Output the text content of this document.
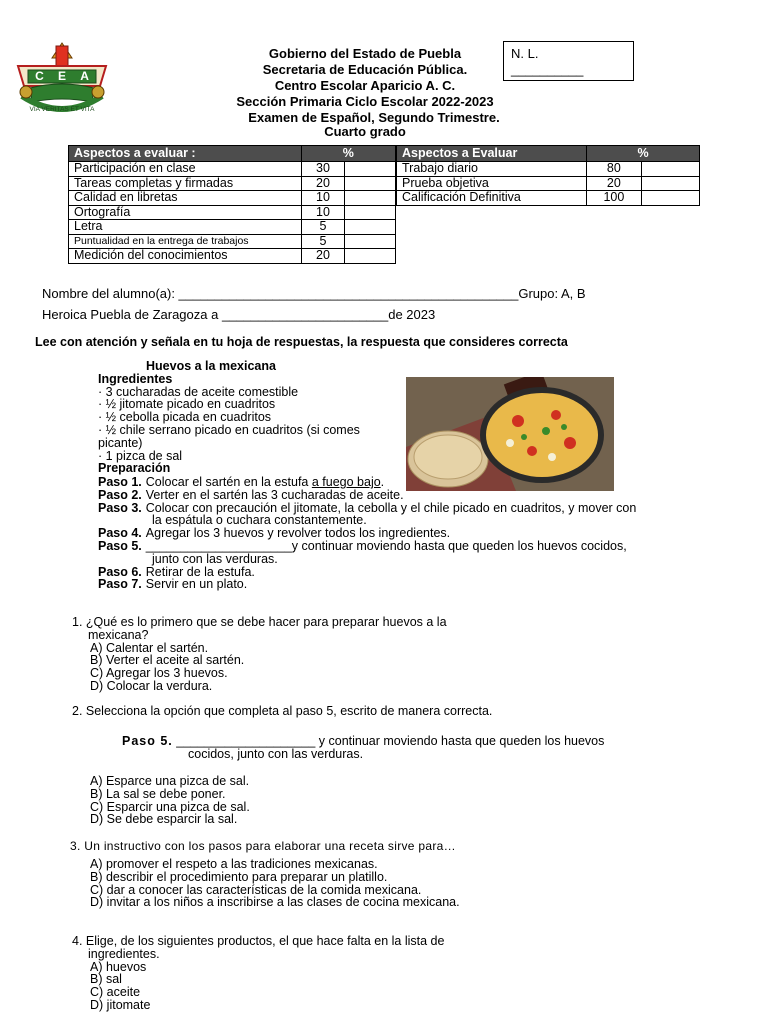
C E A
VIA VERITAS ET VITA
Gobierno del Estado de Puebla
Secretaria de Educación Pública.
Centro Escolar Aparicio A. C.
Sección Primaria Ciclo Escolar 2022-2023
Examen de Español, Segundo Trimestre.
Cuarto grado
N. L.
__________
Aspectos a evaluar :	%	
Participación en clase	30	
Tareas completas y firmadas	20	
Calidad en libretas	10	
Ortografía	10	
Letra	5	
Puntualidad en la entrega de trabajos	5	
Medición del conocimientos	20	
Aspectos a Evaluar	%	
Trabajo diario	80	
Prueba objetiva	20	
Calificación Definitiva	100	
Nombre del alumno(a): _______________________________________________Grupo: A, B
Heroica Puebla de Zaragoza a _______________________de 2023
Lee con atención y señala en tu hoja de respuestas, la respuesta que consideres correcta
Huevos a la mexicana
Ingredientes
· 3 cucharadas de aceite comestible
· ½ jitomate picado en cuadritos
· ½ cebolla picada en cuadritos
· ½ chile serrano picado en cuadritos (si comes picante)
· 1 pizca de sal
Preparación
Paso 1. Colocar el sartén en la estufa a fuego bajo.
Paso 2. Verter en el sartén las 3 cucharadas de aceite.
Paso 3. Colocar con precaución el jitomate, la cebolla y el chile picado en cuadritos, y mover con
la espátula o cuchara constantemente.
Paso 4. Agregar los 3 huevos y revolver todos los ingredientes.
Paso 5. _____________________y continuar moviendo hasta que queden los huevos cocidos,
junto con las verduras.
Paso 6. Retirar de la estufa.
Paso 7. Servir en un plato.
1. ¿Qué es lo primero que se debe hacer para preparar huevos a la
mexicana?
A) Calentar el sartén.
B) Verter el aceite al sartén.
C) Agregar los 3 huevos.
D) Colocar la verdura.
2. Selecciona la opción que completa al paso 5, escrito de manera correcta.
Paso 5. ____________________ y continuar moviendo hasta que queden los huevos
cocidos, junto con las verduras.
A) Esparce una pizca de sal.
B) La sal se debe poner.
C) Esparcir una pizca de sal.
D) Se debe esparcir la sal.
3. Un instructivo con los pasos para elaborar una receta sirve para…
A) promover el respeto a las tradiciones mexicanas.
B) describir el procedimiento para preparar un platillo.
C) dar a conocer las características de la comida mexicana.
D) invitar a los niños a inscribirse a las clases de cocina mexicana.
4. Elige, de los siguientes productos, el que hace falta en la lista de
ingredientes.
A) huevos
B) sal
C) aceite
D) jitomate
